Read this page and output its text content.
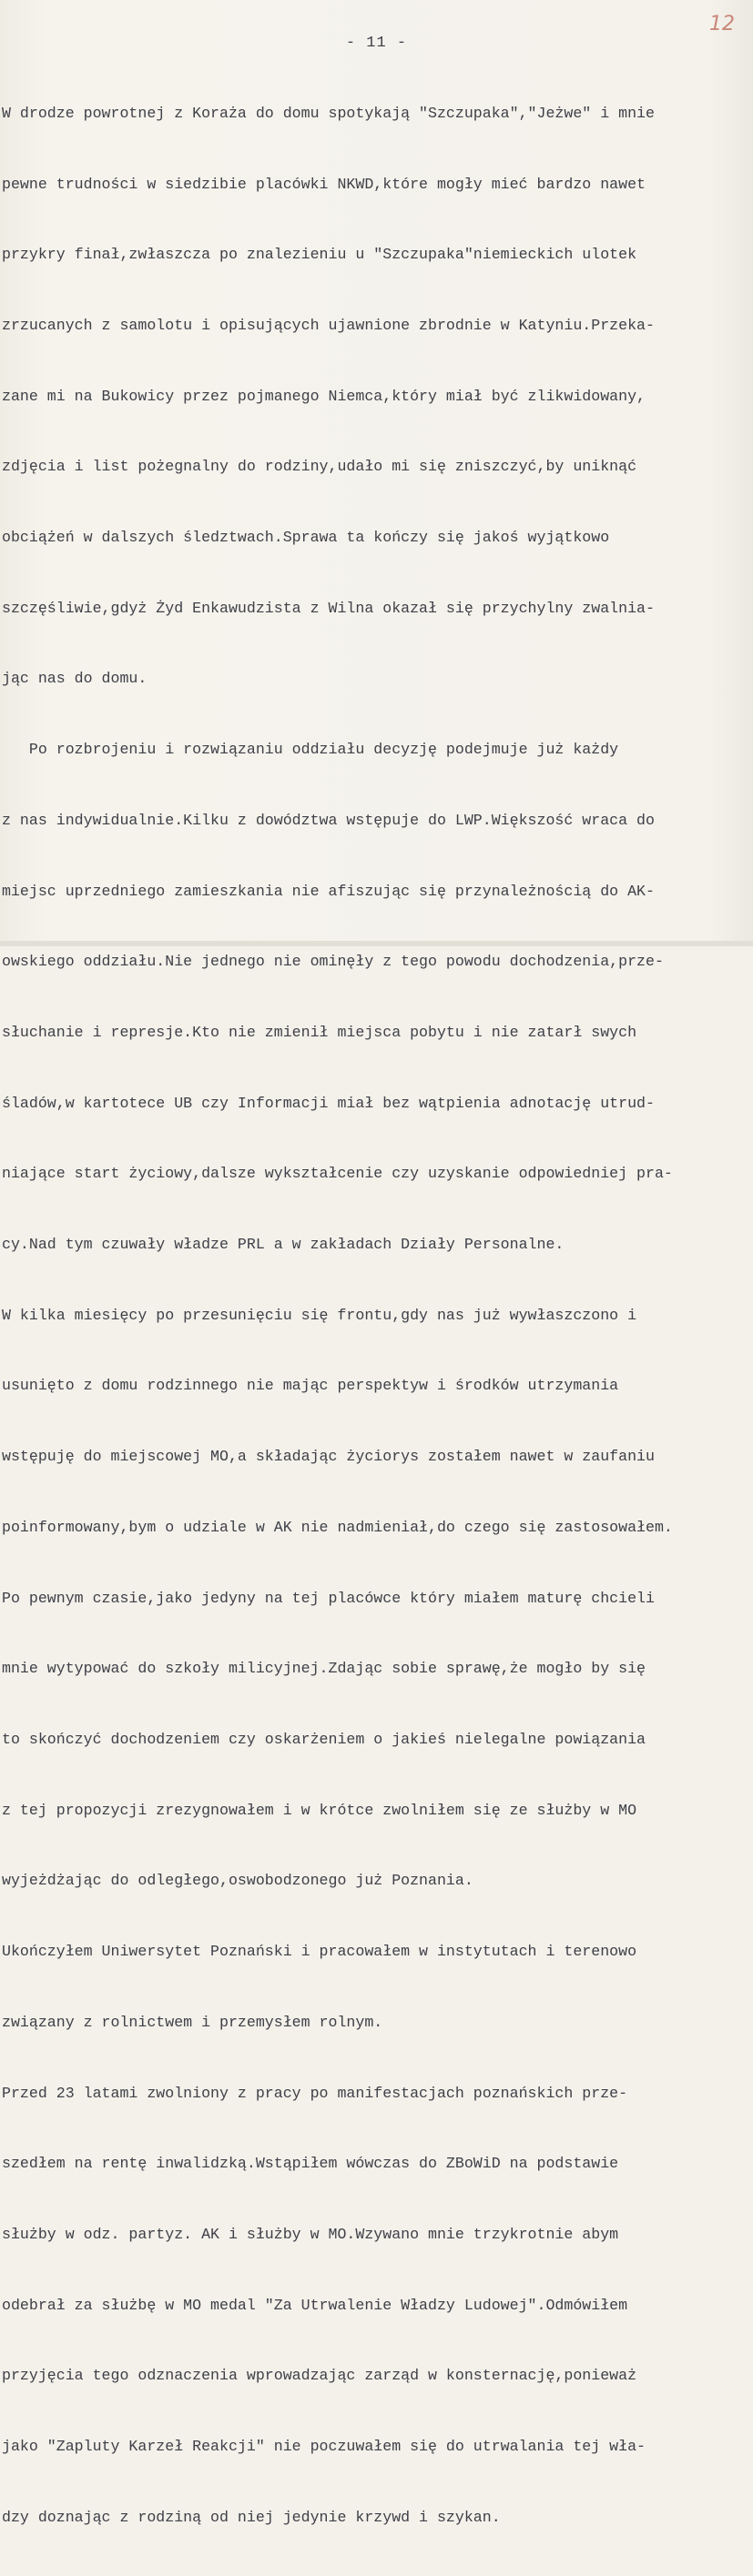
12
- 11 -

W drodze powrotnej z Koraża do domu spotykają "Szczupaka","Jeżwe" i mnie

pewne trudności w siedzibie placówki NKWD,które mogły mieć bardzo nawet

przykry finał,zwłaszcza po znalezieniu u "Szczupaka"niemieckich ulotek

zrzucanych z samolotu i opisujących ujawnione zbrodnie w Katyniu.Przeka-

zane mi na Bukowicy przez pojmanego Niemca,który miał być zlikwidowany,

zdjęcia i list pożegnalny do rodziny,udało mi się zniszczyć,by uniknąć

obciążeń w dalszych śledztwach.Sprawa ta kończy się jakoś wyjątkowo

szczęśliwie,gdyż Żyd Enkawudzista z Wilna okazał się przychylny zwalnia-

jąc nas do domu.

Po rozbrojeniu i rozwiązaniu oddziału decyzję podejmuje już każdy

z nas indywidualnie.Kilku z dowództwa wstępuje do LWP.Większość wraca do

miejsc uprzedniego zamieszkania nie afiszując się przynależnością do AK-

owskiego oddziału.Nie jednego nie ominęły z tego powodu dochodzenia,prze-

słuchanie i represje.Kto nie zmienił miejsca pobytu i nie zatarł swych

śladów,w kartotece UB czy Informacji miał bez wątpienia adnotację utrud-

niające start życiowy,dalsze wykształcenie czy uzyskanie odpowiedniej pra-

cy.Nad tym czuwały władze PRL a w zakładach Działy Personalne.

W kilka miesięcy po przesunięciu się frontu,gdy nas już wywłaszczono i

usunięto z domu rodzinnego nie mając perspektyw i środków utrzymania

wstępuję do miejscowej MO,a składając życiorys zostałem nawet w zaufaniu

poinformowany,bym o udziale w AK nie nadmieniał,do czego się zastosowałem.

Po pewnym czasie,jako jedyny na tej placówce który miałem maturę chcieli

mnie wytypować do szkoły milicyjnej.Zdając sobie sprawę,że mogło by się

to skończyć dochodzeniem czy oskarżeniem o jakieś nielegalne powiązania

z tej propozycji zrezygnowałem i w krótce zwolniłem się ze służby w MO

wyjeżdżając do odległego,oswobodzonego już Poznania.

Ukończyłem Uniwersytet Poznański i pracowałem w instytutach i terenowo

związany z rolnictwem i przemysłem rolnym.

Przed 23 latami zwolniony z pracy po manifestacjach poznańskich prze-

szedłem na rentę inwalidzką.Wstąpiłem wówczas do ZBoWiD na podstawie

służby w odz. partyz. AK i służby w MO.Wzywano mnie trzykrotnie abym

odebrał za służbę w MO medal "Za Utrwalenie Władzy Ludowej".Odmówiłem

przyjęcia tego odznaczenia wprowadzając zarząd w konsternację,ponieważ

jako "Zapluty Karzeł Reakcji" nie poczuwałem się do utrwalania tej wła-

dzy doznając z rodziną od niej jedynie krzywd i szykan.
